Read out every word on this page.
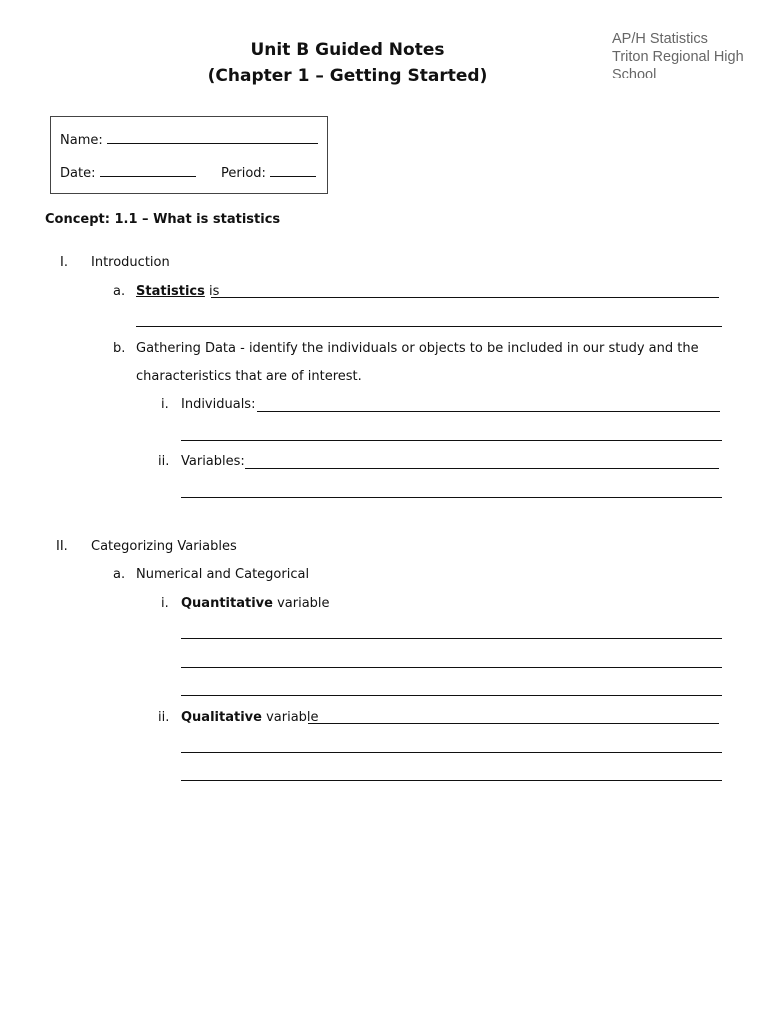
Unit B Guided Notes
(Chapter 1 – Getting Started)
AP/H Statistics
Triton Regional High
School
Name:
Date:	Period:
Concept: 1.1 – What is statistics
I. Introduction
a. Statistics is
b. Gathering Data - identify the individuals or objects to be included in our study and the
characteristics that are of interest.
i. Individuals:
ii. Variables:
II. Categorizing Variables
a. Numerical and Categorical
i. Quantitative variable
ii. Qualitative variable
